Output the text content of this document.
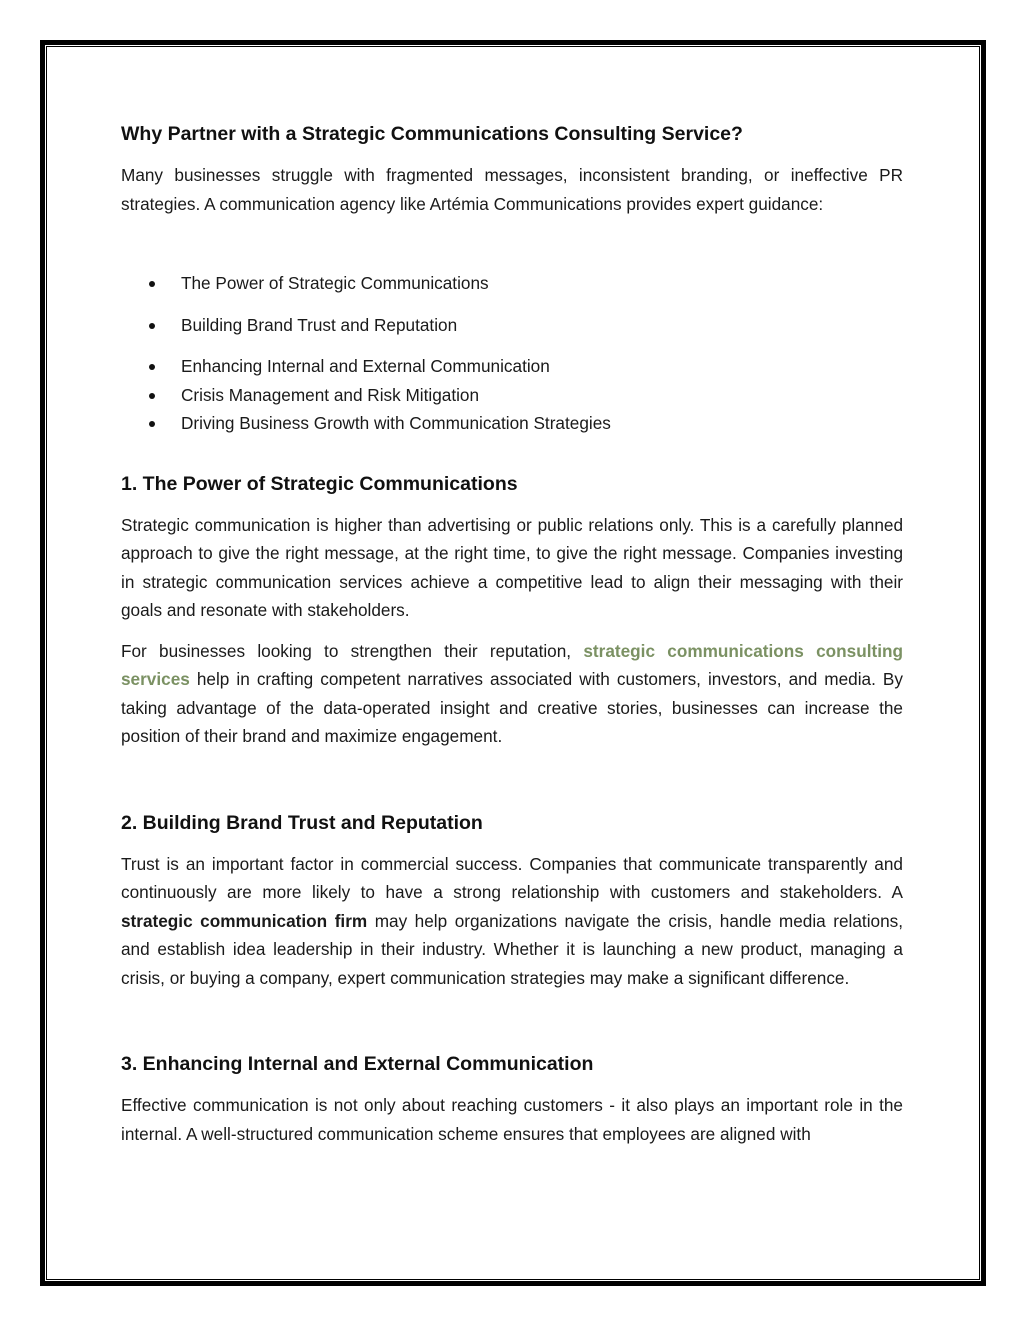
Why Partner with a Strategic Communications Consulting Service?

Many businesses struggle with fragmented messages, inconsistent branding, or ineffective PR strategies. A communication agency like Artémia Communications provides expert guidance:

The Power of Strategic Communications
Building Brand Trust and Reputation
Enhancing Internal and External Communication
Crisis Management and Risk Mitigation
Driving Business Growth with Communication Strategies
1. The Power of Strategic Communications

Strategic communication is higher than advertising or public relations only. This is a carefully planned approach to give the right message, at the right time, to give the right message. Companies investing in strategic communication services achieve a competitive lead to align their messaging with their goals and resonate with stakeholders.

For businesses looking to strengthen their reputation, strategic communications consulting services help in crafting competent narratives associated with customers, investors, and media. By taking advantage of the data-operated insight and creative stories, businesses can increase the position of their brand and maximize engagement.

2. Building Brand Trust and Reputation

Trust is an important factor in commercial success. Companies that communicate transparently and continuously are more likely to have a strong relationship with customers and stakeholders. A strategic communication firm may help organizations navigate the crisis, handle media relations, and establish idea leadership in their industry. Whether it is launching a new product, managing a crisis, or buying a company, expert communication strategies may make a significant difference.

3. Enhancing Internal and External Communication

Effective communication is not only about reaching customers - it also plays an important role in the internal. A well-structured communication scheme ensures that employees are aligned with
